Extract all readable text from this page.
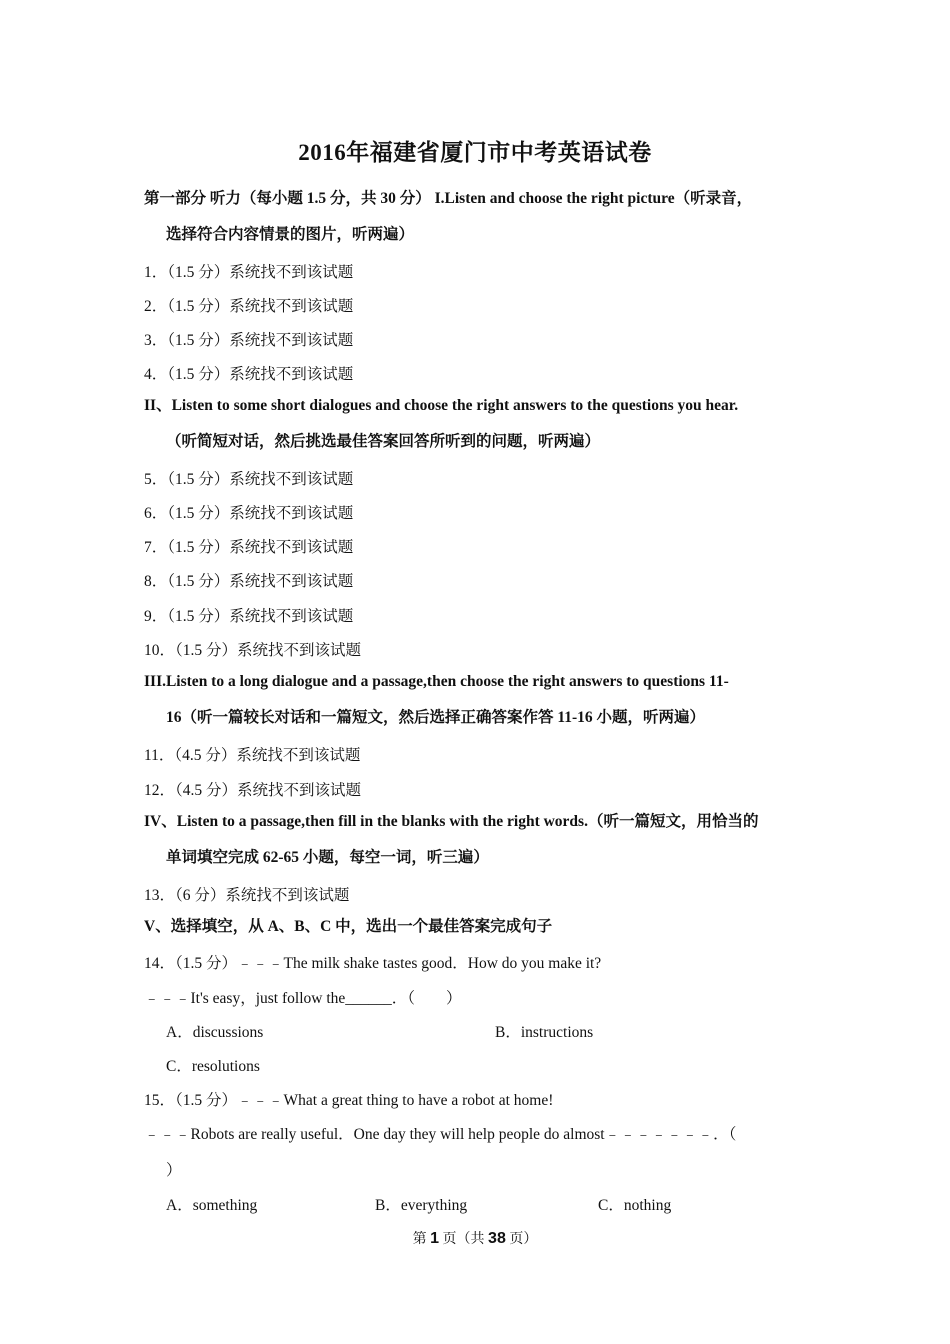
2016年福建省厦门市中考英语试卷
第一部分 听力（每小题 1.5 分，共 30 分） I.Listen and choose the right picture（听录音，
选择符合内容情景的图片，听两遍）
1．（1.5 分）系统找不到该试题
2．（1.5 分）系统找不到该试题
3．（1.5 分）系统找不到该试题
4．（1.5 分）系统找不到该试题
II、Listen to some short dialogues and choose the right answers to the questions you hear.
（听简短对话，然后挑选最佳答案回答所听到的问题，听两遍）
5．（1.5 分）系统找不到该试题
6．（1.5 分）系统找不到该试题
7．（1.5 分）系统找不到该试题
8．（1.5 分）系统找不到该试题
9．（1.5 分）系统找不到该试题
10．（1.5 分）系统找不到该试题
III.Listen to a long dialogue and a passage,then choose the right answers to questions 11-
16（听一篇较长对话和一篇短文，然后选择正确答案作答 11-16 小题，听两遍）
11．（4.5 分）系统找不到该试题
12．（4.5 分）系统找不到该试题
IV、Listen to a passage,then fill in the blanks with the right words.（听一篇短文，用恰当的
单词填空完成 62-65 小题，每空一词，听三遍）
13．（6 分）系统找不到该试题
V、选择填空，从 A、B、C 中，选出一个最佳答案完成句子
14．（1.5 分）﹣﹣﹣The milk shake tastes good．How do you make it?
﹣﹣﹣It's easy，just follow the______．（　　）
A．discussions	B．instructions
C．resolutions
15．（1.5 分）﹣﹣﹣What a great thing to have a robot at home!
﹣﹣﹣Robots are really useful．One day they will help people do almost﹣﹣﹣﹣﹣﹣﹣．（
）
A．something	B．everything	C．nothing
第 1 页（共 38 页）
